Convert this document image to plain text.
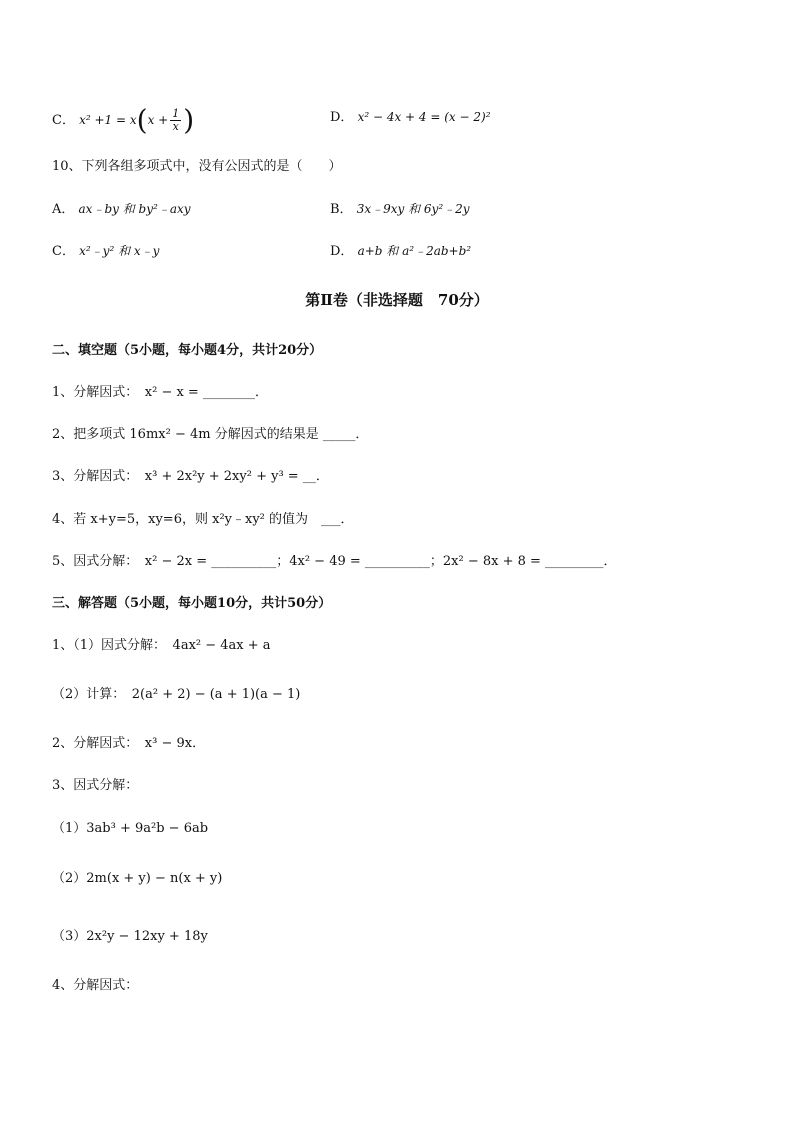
C． $x^2 +1 = x(x + \frac{1}{x}$ )	D． x² − 4x + 4 = (x − 2)²
10、下列各组多项式中，没有公因式的是（　　）
A． ax﹣by 和 by²﹣axy	B． 3x﹣9xy 和 6y²﹣2y
C． x²﹣y² 和 x﹣y	D． a+b 和 a²﹣2ab+b²
第Ⅱ卷（非选择题　70分）
二、填空题（5小题，每小题4分，共计20分）
1、分解因式：　x² − x = ________．
2、把多项式 16mx² − 4m 分解因式的结果是 _____．
3、分解因式：　x³ + 2x²y + 2xy² + y³ = __．
4、若 x+y=5，xy=6，则 x²y﹣xy² 的值为　___．
5、因式分解：　x² − 2x = __________；4x² − 49 = __________；2x² − 8x + 8 = _________．
三、解答题（5小题，每小题10分，共计50分）
1、（1）因式分解：　4ax² − 4ax + a
（2）计算：　2(a² + 2) − (a + 1)(a − 1)
2、分解因式：　x³ − 9x．
3、因式分解：
（1）3ab³ + 9a²b − 6ab
（2）2m(x + y) − n(x + y)
（3）2x²y − 12xy + 18y
4、分解因式：
